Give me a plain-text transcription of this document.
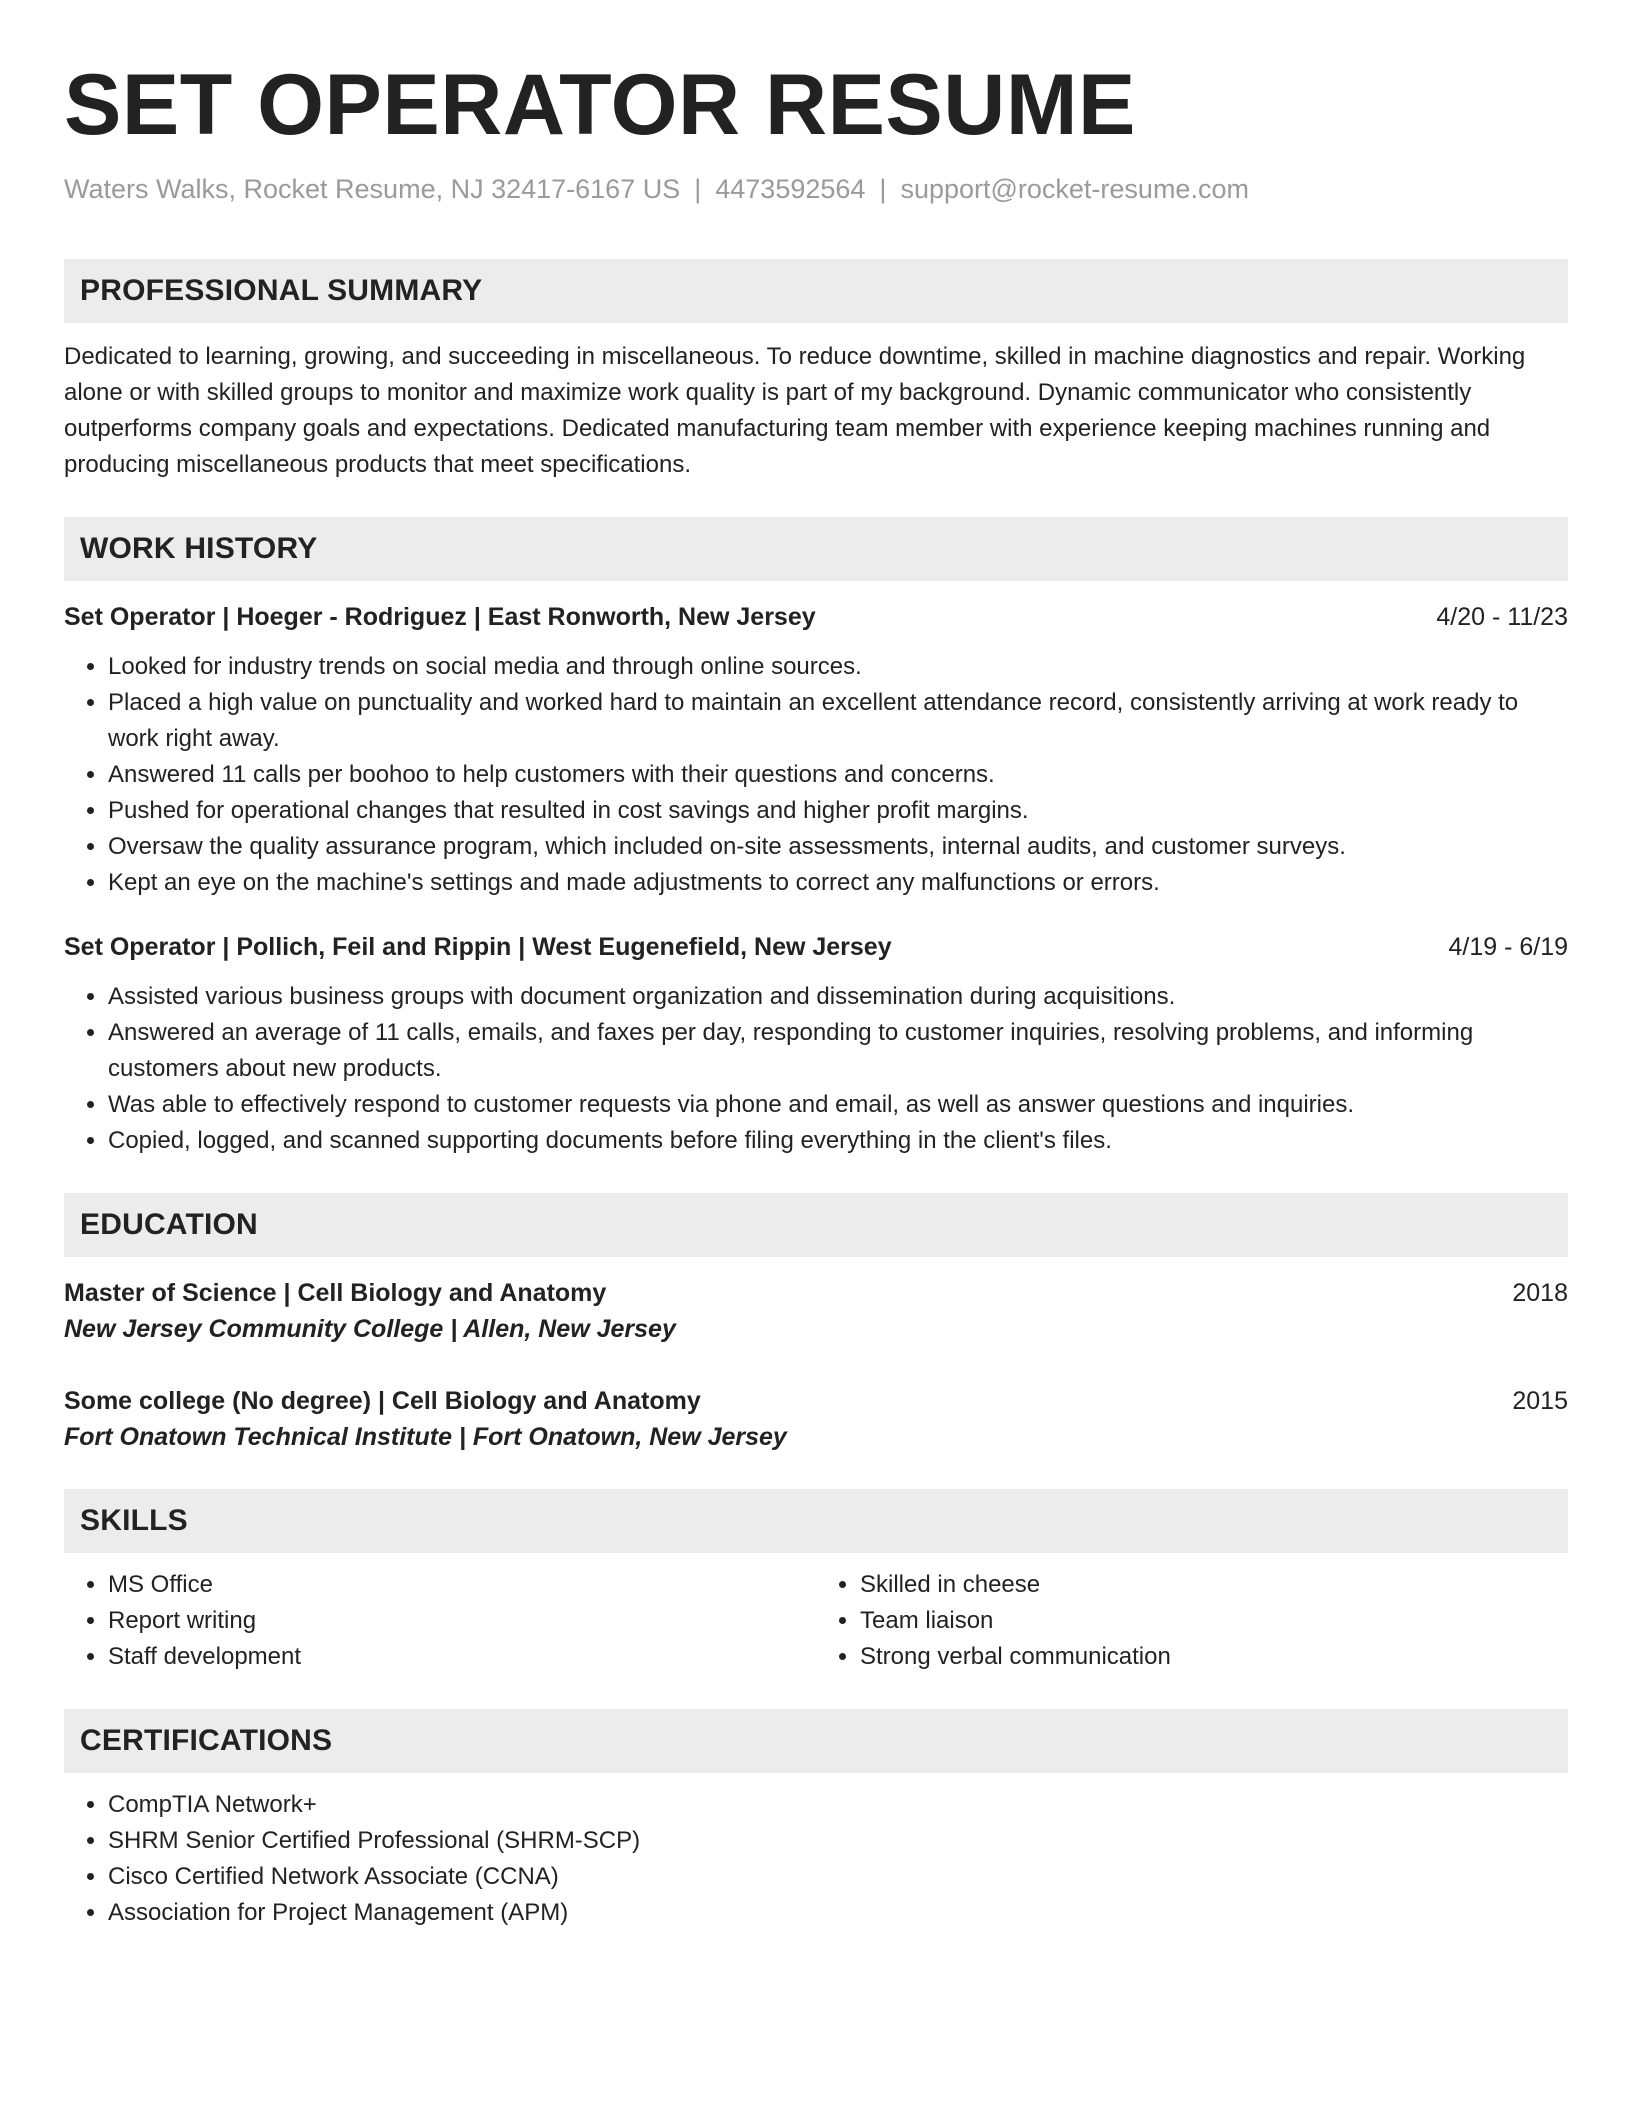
SET OPERATOR RESUME
Waters Walks, Rocket Resume, NJ 32417-6167 US | 4473592564 | support@rocket-resume.com
PROFESSIONAL SUMMARY
Dedicated to learning, growing, and succeeding in miscellaneous. To reduce downtime, skilled in machine diagnostics and repair. Working alone or with skilled groups to monitor and maximize work quality is part of my background. Dynamic communicator who consistently outperforms company goals and expectations. Dedicated manufacturing team member with experience keeping machines running and producing miscellaneous products that meet specifications.
WORK HISTORY
Set Operator | Hoeger - Rodriguez | East Ronworth, New Jersey	4/20 - 11/23
• Looked for industry trends on social media and through online sources.
• Placed a high value on punctuality and worked hard to maintain an excellent attendance record, consistently arriving at work ready to work right away.
• Answered 11 calls per boohoo to help customers with their questions and concerns.
• Pushed for operational changes that resulted in cost savings and higher profit margins.
• Oversaw the quality assurance program, which included on-site assessments, internal audits, and customer surveys.
• Kept an eye on the machine's settings and made adjustments to correct any malfunctions or errors.
Set Operator | Pollich, Feil and Rippin | West Eugenefield, New Jersey	4/19 - 6/19
• Assisted various business groups with document organization and dissemination during acquisitions.
• Answered an average of 11 calls, emails, and faxes per day, responding to customer inquiries, resolving problems, and informing customers about new products.
• Was able to effectively respond to customer requests via phone and email, as well as answer questions and inquiries.
• Copied, logged, and scanned supporting documents before filing everything in the client's files.
EDUCATION
Master of Science | Cell Biology and Anatomy	2018
New Jersey Community College | Allen, New Jersey
Some college (No degree) | Cell Biology and Anatomy	2015
Fort Onatown Technical Institute | Fort Onatown, New Jersey
SKILLS
• MS Office
• Report writing
• Staff development
• Skilled in cheese
• Team liaison
• Strong verbal communication
CERTIFICATIONS
• CompTIA Network+
• SHRM Senior Certified Professional (SHRM-SCP)
• Cisco Certified Network Associate (CCNA)
• Association for Project Management (APM)
